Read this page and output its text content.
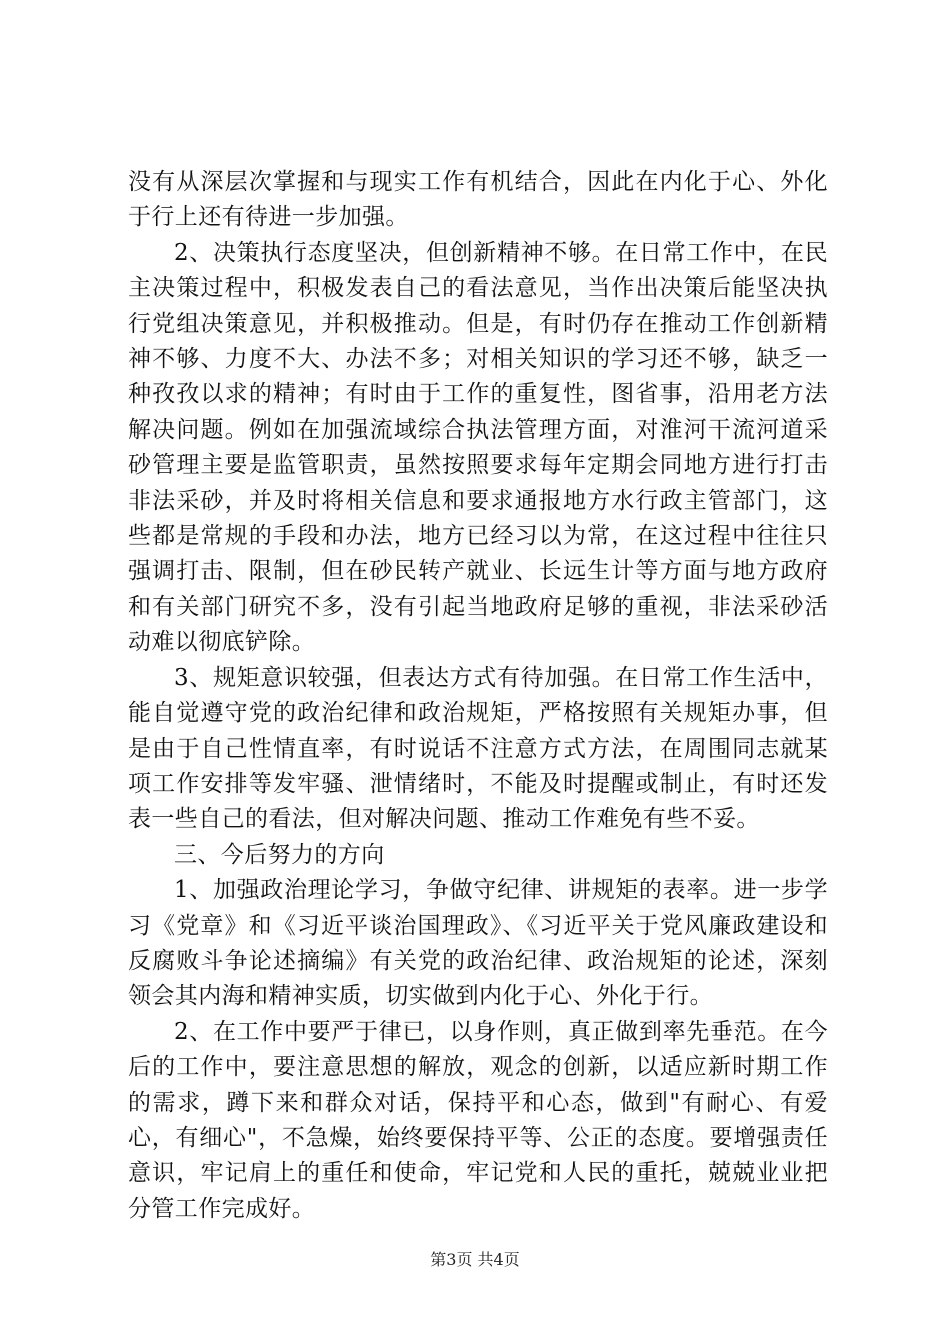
没有从深层次掌握和与现实工作有机结合，因此在内化于心、外化于行上还有待进一步加强。

2、决策执行态度坚决，但创新精神不够。在日常工作中，在民主决策过程中，积极发表自己的看法意见，当作出决策后能坚决执行党组决策意见，并积极推动。但是，有时仍存在推动工作创新精神不够、力度不大、办法不多；对相关知识的学习还不够，缺乏一种孜孜以求的精神；有时由于工作的重复性，图省事，沿用老方法解决问题。例如在加强流域综合执法管理方面，对淮河干流河道采砂管理主要是监管职责，虽然按照要求每年定期会同地方进行打击非法采砂，并及时将相关信息和要求通报地方水行政主管部门，这些都是常规的手段和办法，地方已经习以为常，在这过程中往往只强调打击、限制，但在砂民转产就业、长远生计等方面与地方政府和有关部门研究不多，没有引起当地政府足够的重视，非法采砂活动难以彻底铲除。

3、规矩意识较强，但表达方式有待加强。在日常工作生活中，能自觉遵守党的政治纪律和政治规矩，严格按照有关规矩办事，但是由于自己性情直率，有时说话不注意方式方法，在周围同志就某项工作安排等发牢骚、泄情绪时，不能及时提醒或制止，有时还发表一些自己的看法，但对解决问题、推动工作难免有些不妥。

三、今后努力的方向

1、加强政治理论学习，争做守纪律、讲规矩的表率。进一步学习《党章》和《习近平谈治国理政》、《习近平关于党风廉政建设和反腐败斗争论述摘编》有关党的政治纪律、政治规矩的论述，深刻领会其内海和精神实质，切实做到内化于心、外化于行。

2、在工作中要严于律已，以身作则，真正做到率先垂范。在今后的工作中，要注意思想的解放，观念的创新，以适应新时期工作的需求，蹲下来和群众对话，保持平和心态，做到"有耐心、有爱心，有细心"，不急燥，始终要保持平等、公正的态度。要增强责任意识，牢记肩上的重任和使命，牢记党和人民的重托，兢兢业业把分管工作完成好。

第3页 共4页
